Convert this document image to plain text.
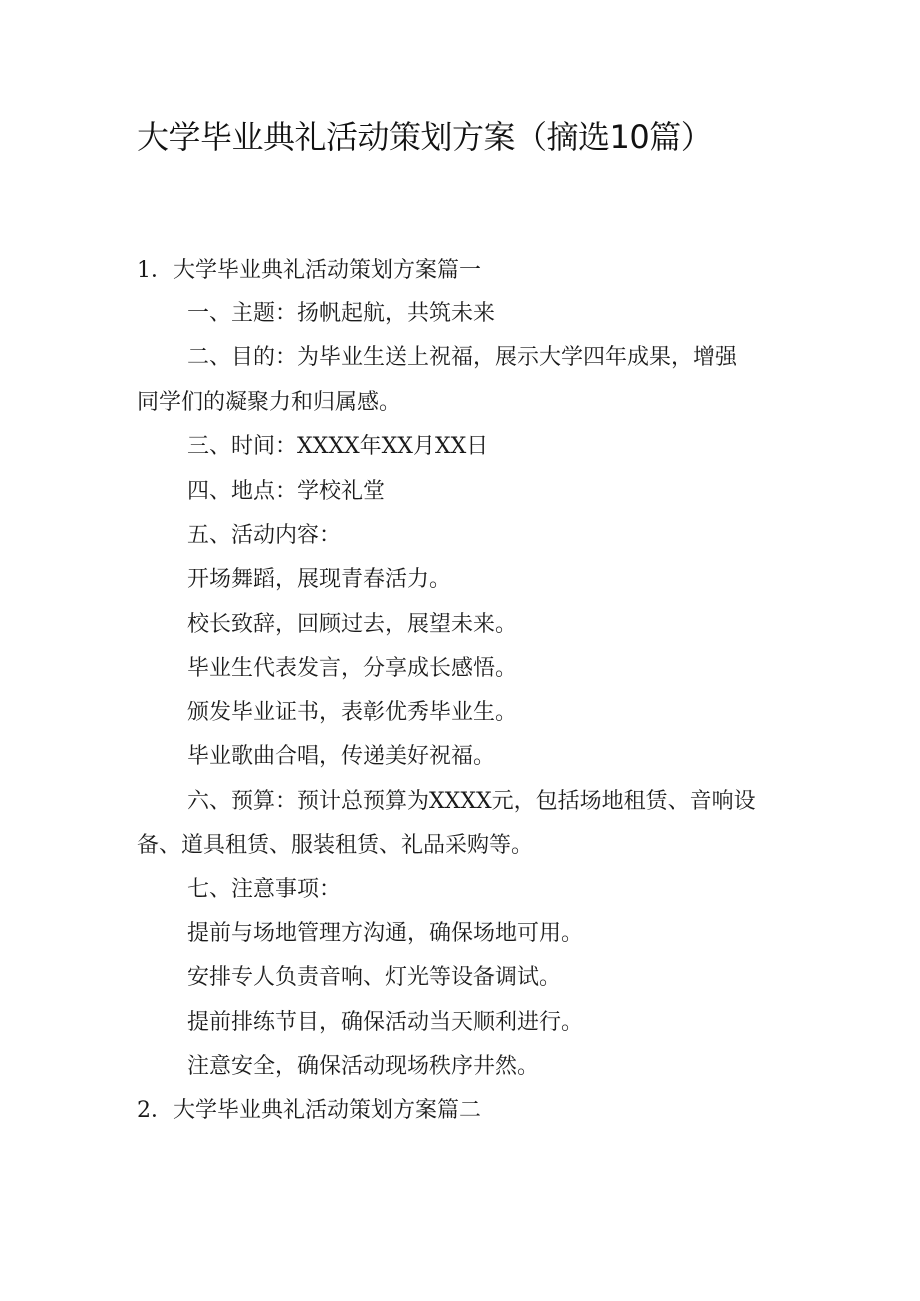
大学毕业典礼活动策划方案（摘选10篇）
1．大学毕业典礼活动策划方案篇一
一、主题：扬帆起航，共筑未来
二、目的：为毕业生送上祝福，展示大学四年成果，增强
同学们的凝聚力和归属感。
三、时间：XXXX年XX月XX日
四、地点：学校礼堂
五、活动内容：
开场舞蹈，展现青春活力。
校长致辞，回顾过去，展望未来。
毕业生代表发言，分享成长感悟。
颁发毕业证书，表彰优秀毕业生。
毕业歌曲合唱，传递美好祝福。
六、预算：预计总预算为XXXX元，包括场地租赁、音响设
备、道具租赁、服装租赁、礼品采购等。
七、注意事项：
提前与场地管理方沟通，确保场地可用。
安排专人负责音响、灯光等设备调试。
提前排练节目，确保活动当天顺利进行。
注意安全，确保活动现场秩序井然。
2．大学毕业典礼活动策划方案篇二
